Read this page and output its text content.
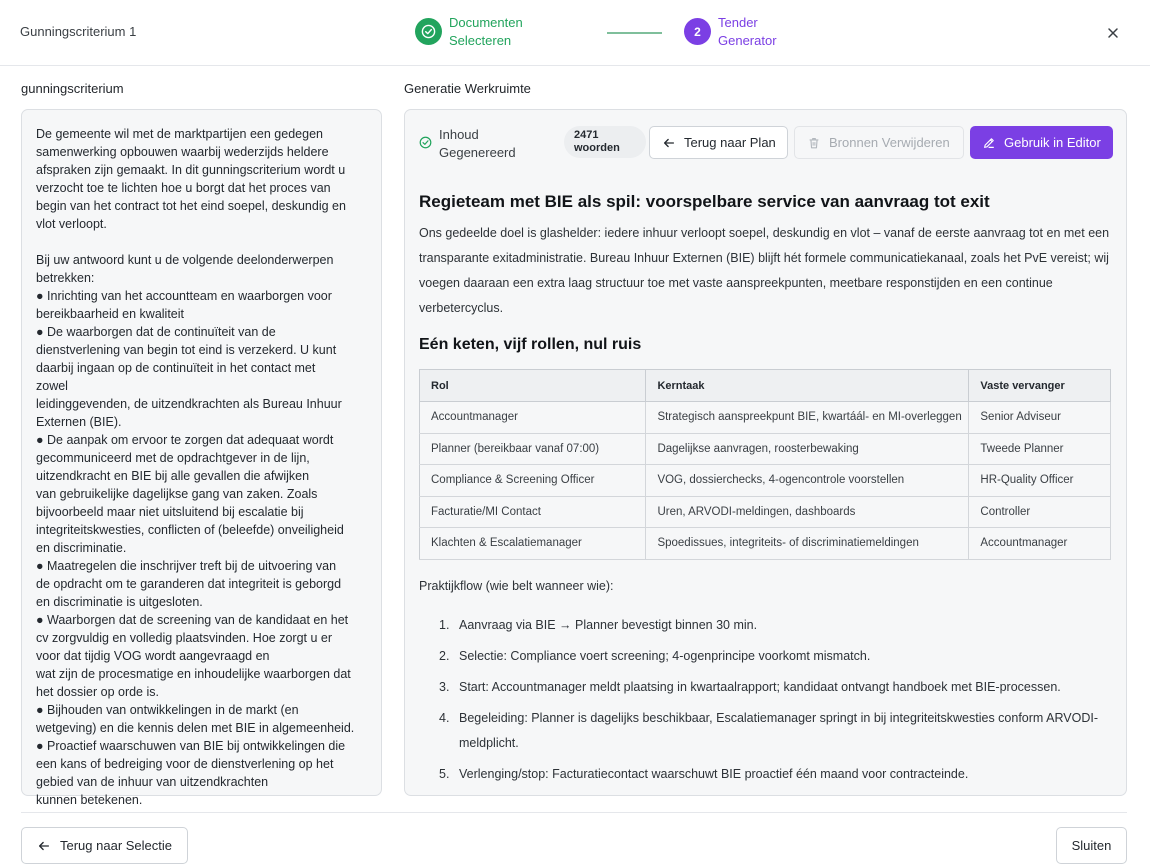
Gunningscriterium 1
Documenten
Selecteren
2
Tender
Generator
gunningscriterium	Generatie Werkruimte
De gemeente wil met de marktpartijen een gedegen
samenwerking opbouwen waarbij wederzijds heldere
afspraken zijn gemaakt. In dit gunningscriterium wordt u
verzocht toe te lichten hoe u borgt dat het proces van
begin van het contract tot het eind soepel, deskundig en
vlot verloopt.

Bij uw antwoord kunt u de volgende deelonderwerpen
betrekken:
● Inrichting van het accountteam en waarborgen voor
bereikbaarheid en kwaliteit
● De waarborgen dat de continuïteit van de
dienstverlening van begin tot eind is verzekerd. U kunt
daarbij ingaan op de continuïteit in het contact met
zowel
leidinggevenden, de uitzendkrachten als Bureau Inhuur
Externen (BIE).
● De aanpak om ervoor te zorgen dat adequaat wordt
gecommuniceerd met de opdrachtgever in de lijn,
uitzendkracht en BIE bij alle gevallen die afwijken
van gebruikelijke dagelijkse gang van zaken. Zoals
bijvoorbeeld maar niet uitsluitend bij escalatie bij
integriteitskwesties, conflicten of (beleefde) onveiligheid
en discriminatie.
● Maatregelen die inschrijver treft bij de uitvoering van
de opdracht om te garanderen dat integriteit is geborgd
en discriminatie is uitgesloten.
● Waarborgen dat de screening van de kandidaat en het
cv zorgvuldig en volledig plaatsvinden. Hoe zorgt u er
voor dat tijdig VOG wordt aangevraagd en
wat zijn de procesmatige en inhoudelijke waarborgen dat
het dossier op orde is.
● Bijhouden van ontwikkelingen in de markt (en
wetgeving) en die kennis delen met BIE in algemeenheid.
● Proactief waarschuwen van BIE bij ontwikkelingen die
een kans of bedreiging voor de dienstverlening op het
gebied van de inhuur van uitzendkrachten
kunnen betekenen.
Inhoud Gegenereerd
2471
woorden	Terug naar Plan	Bronnen Verwijderen	Gebruik in Editor
Regieteam met BIE als spil: voorspelbare service van aanvraag tot exit
Ons gedeelde doel is glashelder: iedere inhuur verloopt soepel, deskundig en vlot – vanaf de eerste aanvraag tot en met een transparante exitadministratie. Bureau Inhuur Externen (BIE) blijft hét formele communicatiekanaal, zoals het PvE vereist; wij voegen daaraan een extra laag structuur toe met vaste aanspreekpunten, meetbare responstijden en een continue verbetercyclus.
Eén keten, vijf rollen, nul ruis
Rol	Kerntaak	Vaste vervanger
Accountmanager	Strategisch aanspreekpunt BIE, kwartáál- en MI-overleggen	Senior Adviseur
Planner (bereikbaar vanaf 07:00)	Dagelijkse aanvragen, roosterbewaking	Tweede Planner
Compliance & Screening Officer	VOG, dossierchecks, 4-ogencontrole voorstellen	HR-Quality Officer
Facturatie/MI Contact	Uren, ARVODI-meldingen, dashboards	Controller
Klachten & Escalatiemanager	Spoedissues, integriteits- of discriminatiemeldingen	Accountmanager
Praktijkflow (wie belt wanneer wie):
1. Aanvraag via BIE → Planner bevestigt binnen 30 min.
2. Selectie: Compliance voert screening; 4-ogenprincipe voorkomt mismatch.
3. Start: Accountmanager meldt plaatsing in kwartaalrapport; kandidaat ontvangt handboek met BIE-processen.
4. Begeleiding: Planner is dagelijks beschikbaar, Escalatiemanager springt in bij integriteitskwesties conform ARVODI-meldplicht.
5. Verlenging/stop: Facturatiecontact waarschuwt BIE proactief één maand voor contracteinde.
Terug naar Selectie	Sluiten
